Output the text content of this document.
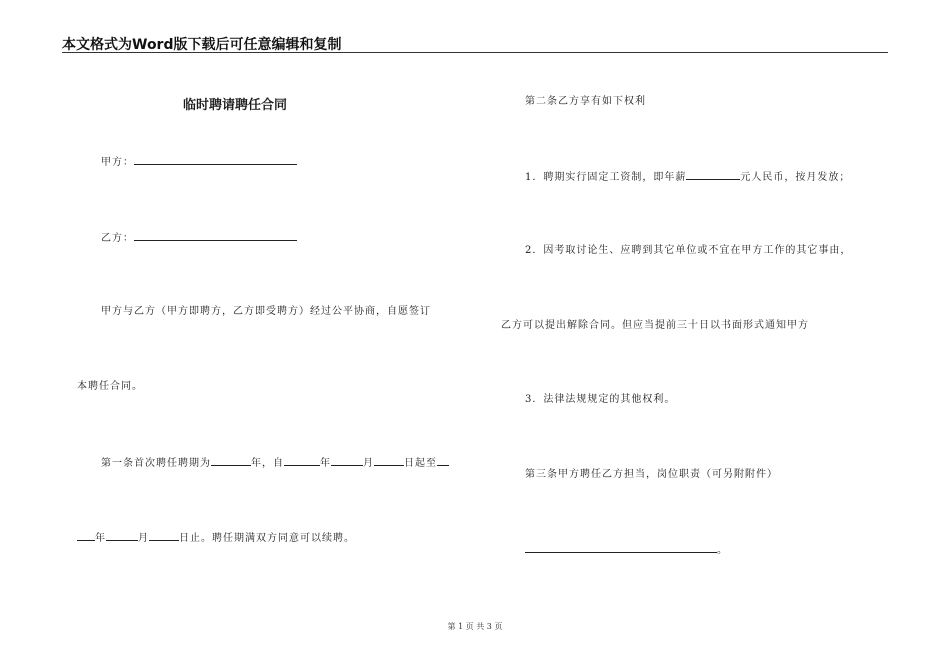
本文格式为Word版下载后可任意编辑和复制
临时聘请聘任合同
甲方：
乙方：
甲方与乙方（甲方即聘方，乙方即受聘方）经过公平协商，自愿签订
本聘任合同。
第一条首次聘任聘期为	年，自	年	月	日起至
年	月	日止。聘任期满双方同意可以续聘。
第二条乙方享有如下权利
1．聘期实行固定工资制，即年薪	元人民币，按月发放；
2．因考取讨论生、应聘到其它单位或不宜在甲方工作的其它事由，
乙方可以提出解除合同。但应当提前三十日以书面形式通知甲方
3．法律法规规定的其他权利。
第三条甲方聘任乙方担当，岗位职责（可另附附件）
。
第 1 页 共 3 页
